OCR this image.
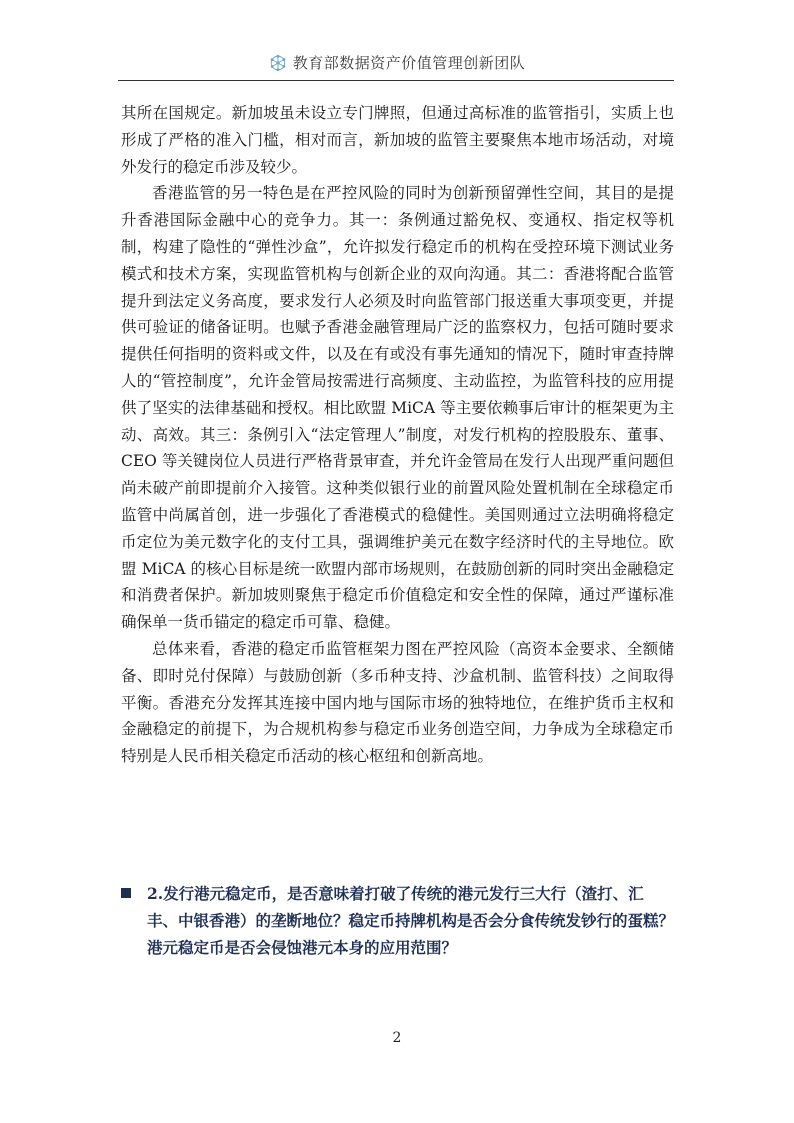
教育部数据资产价值管理创新团队

其所在国规定。新加坡虽未设立专门牌照，但通过高标准的监管指引，实质上也形成了严格的准入门槛，相对而言，新加坡的监管主要聚焦本地市场活动，对境外发行的稳定币涉及较少。

香港监管的另一特色是在严控风险的同时为创新预留弹性空间，其目的是提升香港国际金融中心的竞争力。其一：条例通过豁免权、变通权、指定权等机制，构建了隐性的“弹性沙盒”，允许拟发行稳定币的机构在受控环境下测试业务模式和技术方案，实现监管机构与创新企业的双向沟通。其二：香港将配合监管提升到法定义务高度，要求发行人必须及时向监管部门报送重大事项变更，并提供可验证的储备证明。也赋予香港金融管理局广泛的监察权力，包括可随时要求提供任何指明的资料或文件，以及在有或没有事先通知的情况下，随时审查持牌人的“管控制度”，允许金管局按需进行高频度、主动监控，为监管科技的应用提供了坚实的法律基础和授权。相比欧盟 MiCA 等主要依赖事后审计的框架更为主动、高效。其三：条例引入“法定管理人”制度，对发行机构的控股股东、董事、CEO 等关键岗位人员进行严格背景审查，并允许金管局在发行人出现严重问题但尚未破产前即提前介入接管。这种类似银行业的前置风险处置机制在全球稳定币监管中尚属首创，进一步强化了香港模式的稳健性。美国则通过立法明确将稳定币定位为美元数字化的支付工具，强调维护美元在数字经济时代的主导地位。欧盟 MiCA 的核心目标是统一欧盟内部市场规则，在鼓励创新的同时突出金融稳定和消费者保护。新加坡则聚焦于稳定币价值稳定和安全性的保障，通过严谨标准确保单一货币锚定的稳定币可靠、稳健。

总体来看，香港的稳定币监管框架力图在严控风险（高资本金要求、全额储备、即时兑付保障）与鼓励创新（多币种支持、沙盒机制、监管科技）之间取得平衡。香港充分发挥其连接中国内地与国际市场的独特地位，在维护货币主权和金融稳定的前提下，为合规机构参与稳定币业务创造空间，力争成为全球稳定币特别是人民币相关稳定币活动的核心枢纽和创新高地。

2.发行港元稳定币，是否意味着打破了传统的港元发行三大行（渣打、汇丰、中银香港）的垄断地位？稳定币持牌机构是否会分食传统发钞行的蛋糕？港元稳定币是否会侵蚀港元本身的应用范围？
2
